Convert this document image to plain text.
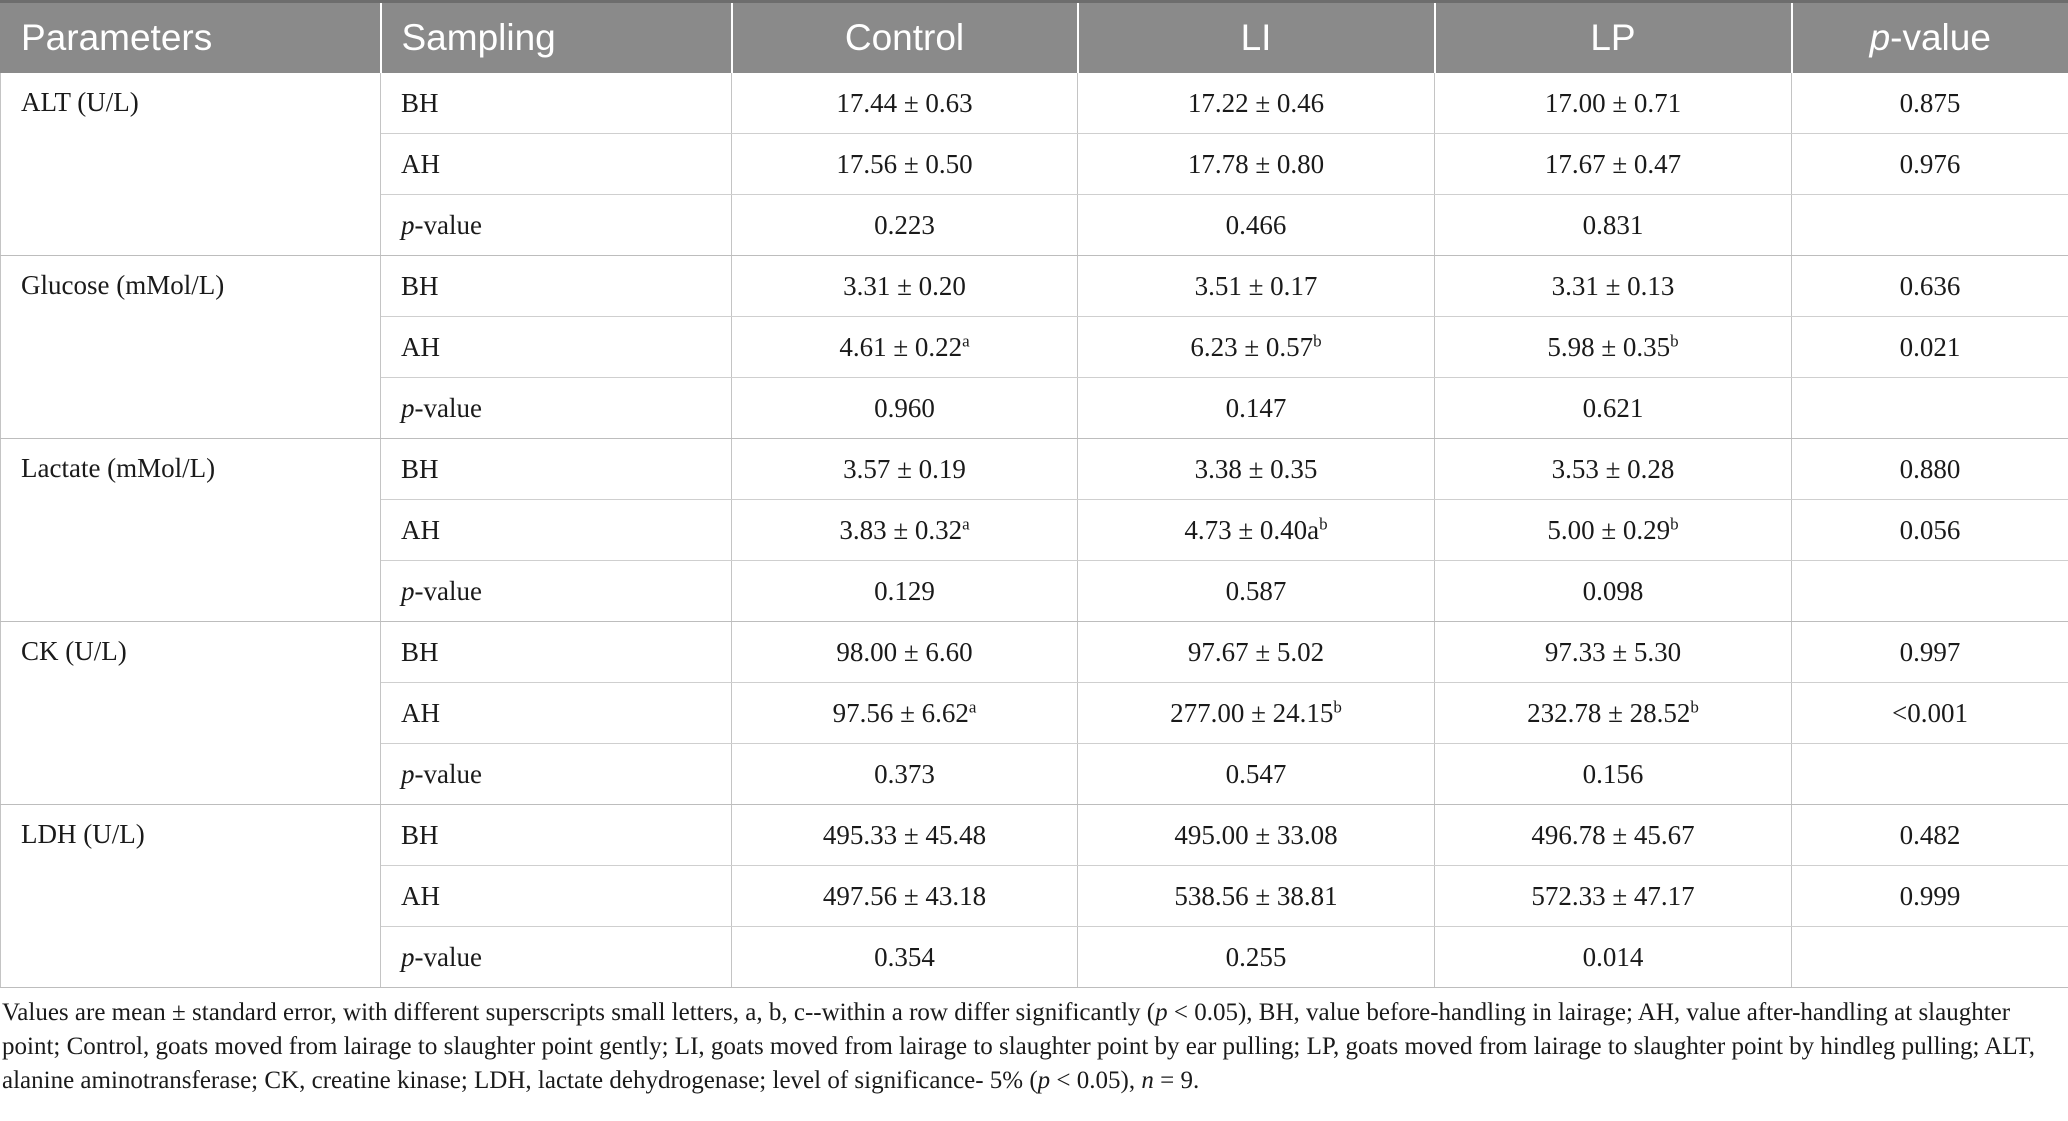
Parameters	Sampling	Control	LI	LP	p-value
ALT (U/L)	BH	17.44 ± 0.63	17.22 ± 0.46	17.00 ± 0.71	0.875
	AH	17.56 ± 0.50	17.78 ± 0.80	17.67 ± 0.47	0.976
	p-value	0.223	0.466	0.831	
Glucose (mMol/L)	BH	3.31 ± 0.20	3.51 ± 0.17	3.31 ± 0.13	0.636
	AH	4.61 ± 0.22$^a$	6.23 ± 0.57$^b$	5.98 ± 0.35$^b$	0.021
	p-value	0.960	0.147	0.621	
Lactate (mMol/L)	BH	3.57 ± 0.19	3.38 ± 0.35	3.53 ± 0.28	0.880
	AH	3.83 ± 0.32$^a$	$4.73 \pm 0.40a^b$	5.00 ± 0.29$^b$	0.056
	p-value	0.129	0.587	0.098	
CK (U/L)	BH	98.00 ± 6.60	97.67 ± 5.02	97.33 ± 5.30	0.997
	AH	97.56 ± 6.62$^a$	277.00 ± 24.15$^b$	232.78 ± 28.52$^b$	<0.001
	p-value	0.373	0.547	0.156	
LDH (U/L)	BH	495.33 ± 45.48	495.00 ± 33.08	496.78 ± 45.67	0.482
	AH	497.56 ± 43.18	538.56 ± 38.81	572.33 ± 47.17	0.999
	p-value	0.354	0.255	0.014	
Values are mean ± standard error, with different superscripts small letters, a, b, c--within a row differ significantly (p < 0.05), BH, value before-handling in lairage; AH, value after-handling at slaughter point; Control, goats moved from lairage to slaughter point gently; LI, goats moved from lairage to slaughter point by ear pulling; LP, goats moved from lairage to slaughter point by hindleg pulling; ALT, alanine aminotransferase; CK, creatine kinase; LDH, lactate dehydrogenase; level of significance- 5% (p < 0.05), n = 9.
